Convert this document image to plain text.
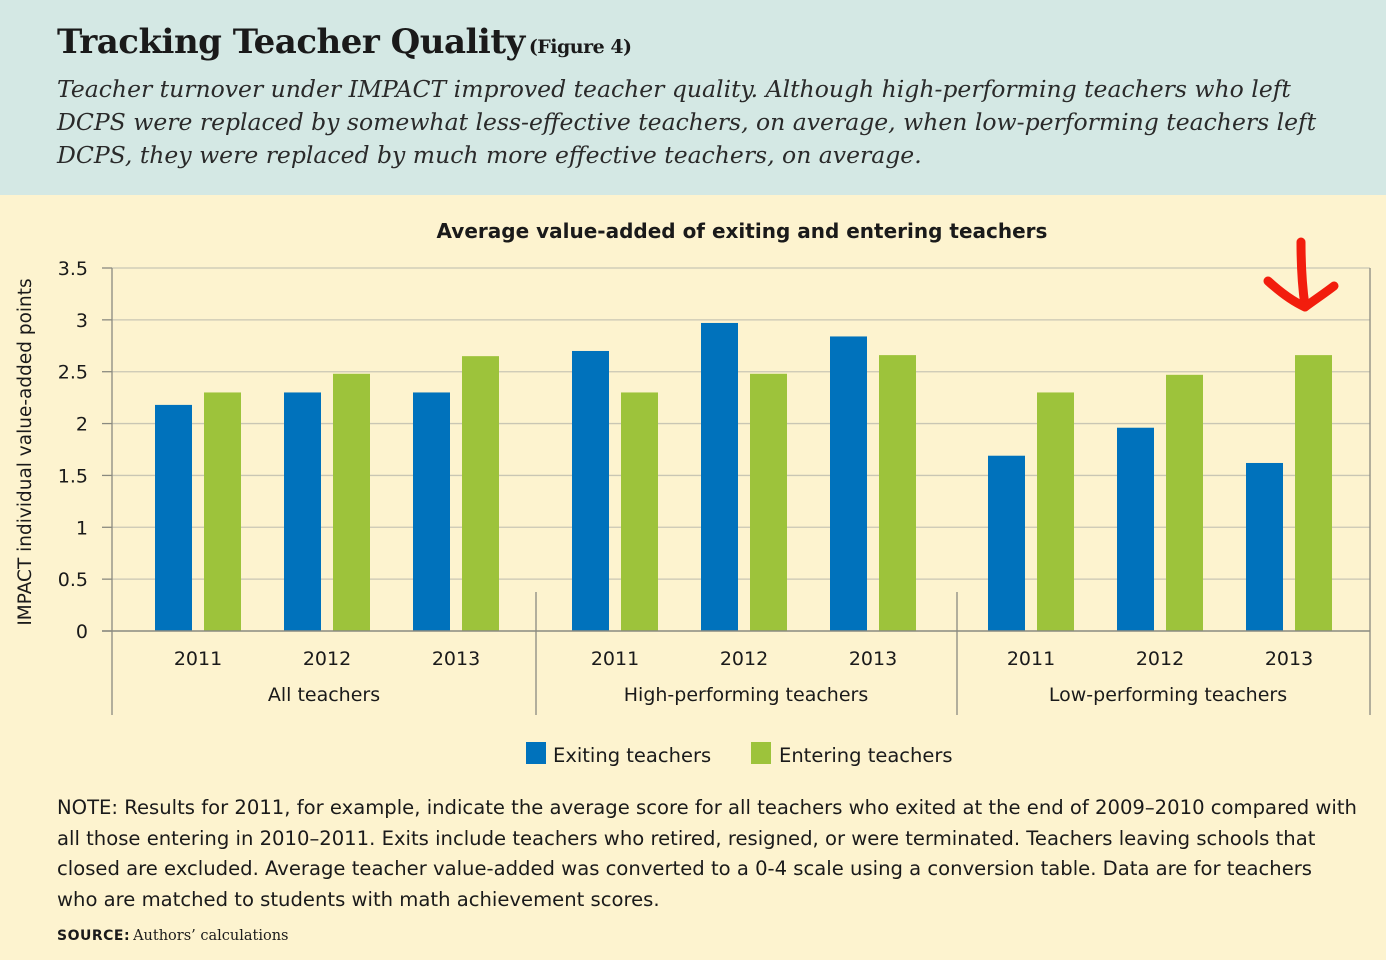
Tracking Teacher Quality (Figure 4)
Teacher turnover under IMPACT improved teacher quality. Although high-performing teachers who left DCPS were replaced by somewhat less-effective teachers, on average, when low-performing teachers left DCPS, they were replaced by much more effective teachers, on average.
Average value-added of exiting and entering teachers
0
0.5
1
1.5
2
2.5
3
3.5
IMPACT individual value-added points
2011	2012	2013	2011	2012	2013	2011	2012	2013
All teachers	High-performing teachers	Low-performing teachers
Exiting teachers	Entering teachers
NOTE: Results for 2011, for example, indicate the average score for all teachers who exited at the end of 2009–2010 compared with all those entering in 2010–2011. Exits include teachers who retired, resigned, or were terminated. Teachers leaving schools that closed are excluded. Average teacher value-added was converted to a 0-4 scale using a conversion table. Data are for teachers who are matched to students with math achievement scores.
SOURCE: Authors’ calculations
